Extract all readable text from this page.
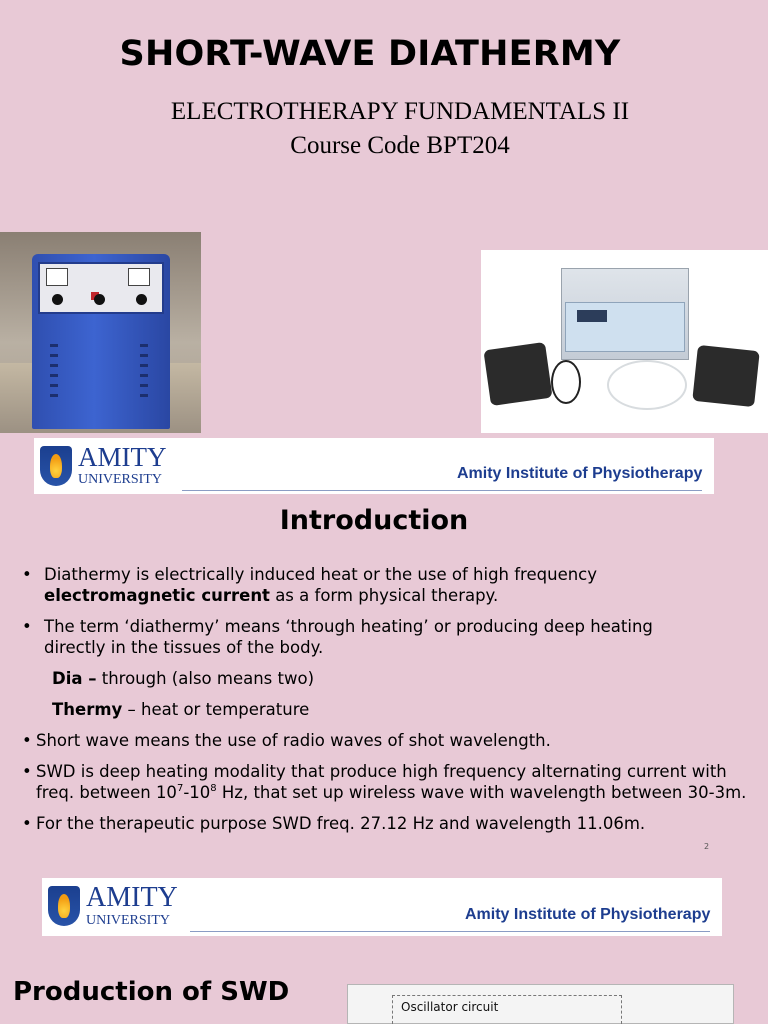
SHORT-WAVE DIATHERMY
ELECTROTHERAPY FUNDAMENTALS II
Course Code BPT204
AMITY
UNIVERSITY	Amity Institute of Physiotherapy
Introduction
• Diathermy is electrically induced heat or the use of high frequency
electromagnetic current as a form physical therapy.
• The term ‘diathermy’ means ‘through heating’ or producing deep heating directly in the tissues of the body.
Dia – through (also means two)
Thermy – heat or temperature
• Short wave means the use of radio waves of shot wavelength.
• SWD is deep heating modality that produce high frequency alternating current with freq. between $10^7-10^8$ Hz, that set up wireless wave with wavelength between 30-3m.
• For the therapeutic purpose SWD freq. 27.12 Hz and wavelength 11.06m.
2
AMITY
UNIVERSITY	Amity Institute of Physiotherapy
Production of SWD	Oscillator circuit
